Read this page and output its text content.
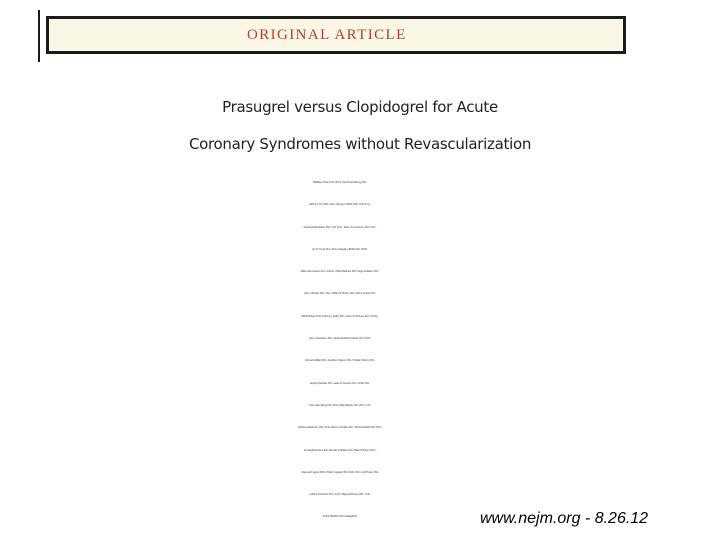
ORIGINAL ARTICLE
Prasugrel versus Clopidogrel for Acute
Coronary Syndromes without Revascularization
Matthew T. Roe, M.D., M.H.S., Paul W. Armstrong, M.D.,
Keith A.A. Fox, M.B., Ch.B., Harvey D. White, M.B., Ch.B., D.Sc.,
Dorairaj Prabhakaran, M.D., D.M., M.Sc., Shaun G. Goodman, M.D., M.Sc.,
Jan H. Cornel, M.D., Ph.D., Deepak L. Bhatt, M.D., M.P.H.,
Peter Clemmensen, M.D., D.M.Sc., Felipe Martinez, M.D., Diego Ardissino, M.D.,
Jose C. Nicolau, M.D., Ph.D., William E. Boden, M.D., Paul A. Gurbel, M.D.,
Witold Ruzyllo, M.D., Anthony J. Dalby, M.D., Darren K. McGuire, M.D., M.H.Sc.,
Jose L. Leiva-Pons, M.D., Alexander Parkhomenko, M.D., Ph.D.,
Shmuel Gottlieb, M.D., Gracita O. Topacio, M.D., Christian Hamm, M.D.,
Gregory Pavlides, M.D., Assen R. Goudev, M.D., Ali Oto, M.D.,
Chuen-Den Tseng, M.D., Ph.D., Bela Merkely, M.D., Ph.D., D.Sc.,
Vladimir Gasparovic, M.D., Ph.D., Ramon Corbalan, M.D., Mircea Cinteză, M.D., Ph.D.,
R. Craig McLendon, R.N., Kenneth J. Winters, M.D., Fileen B. Brown, Ph.D.,
Yuliya Lokhnygina, Ph.D., Philip E. Aylward, B.M., B.Ch., Ph.D., Kurt Huber, M.D.,
Judith S. Hochman, M.D., and E. Magnus Ohman, M.B., Ch.B.,
for the TRILOGY ACS Investigators*	www.nejm.org - 8.26.12
